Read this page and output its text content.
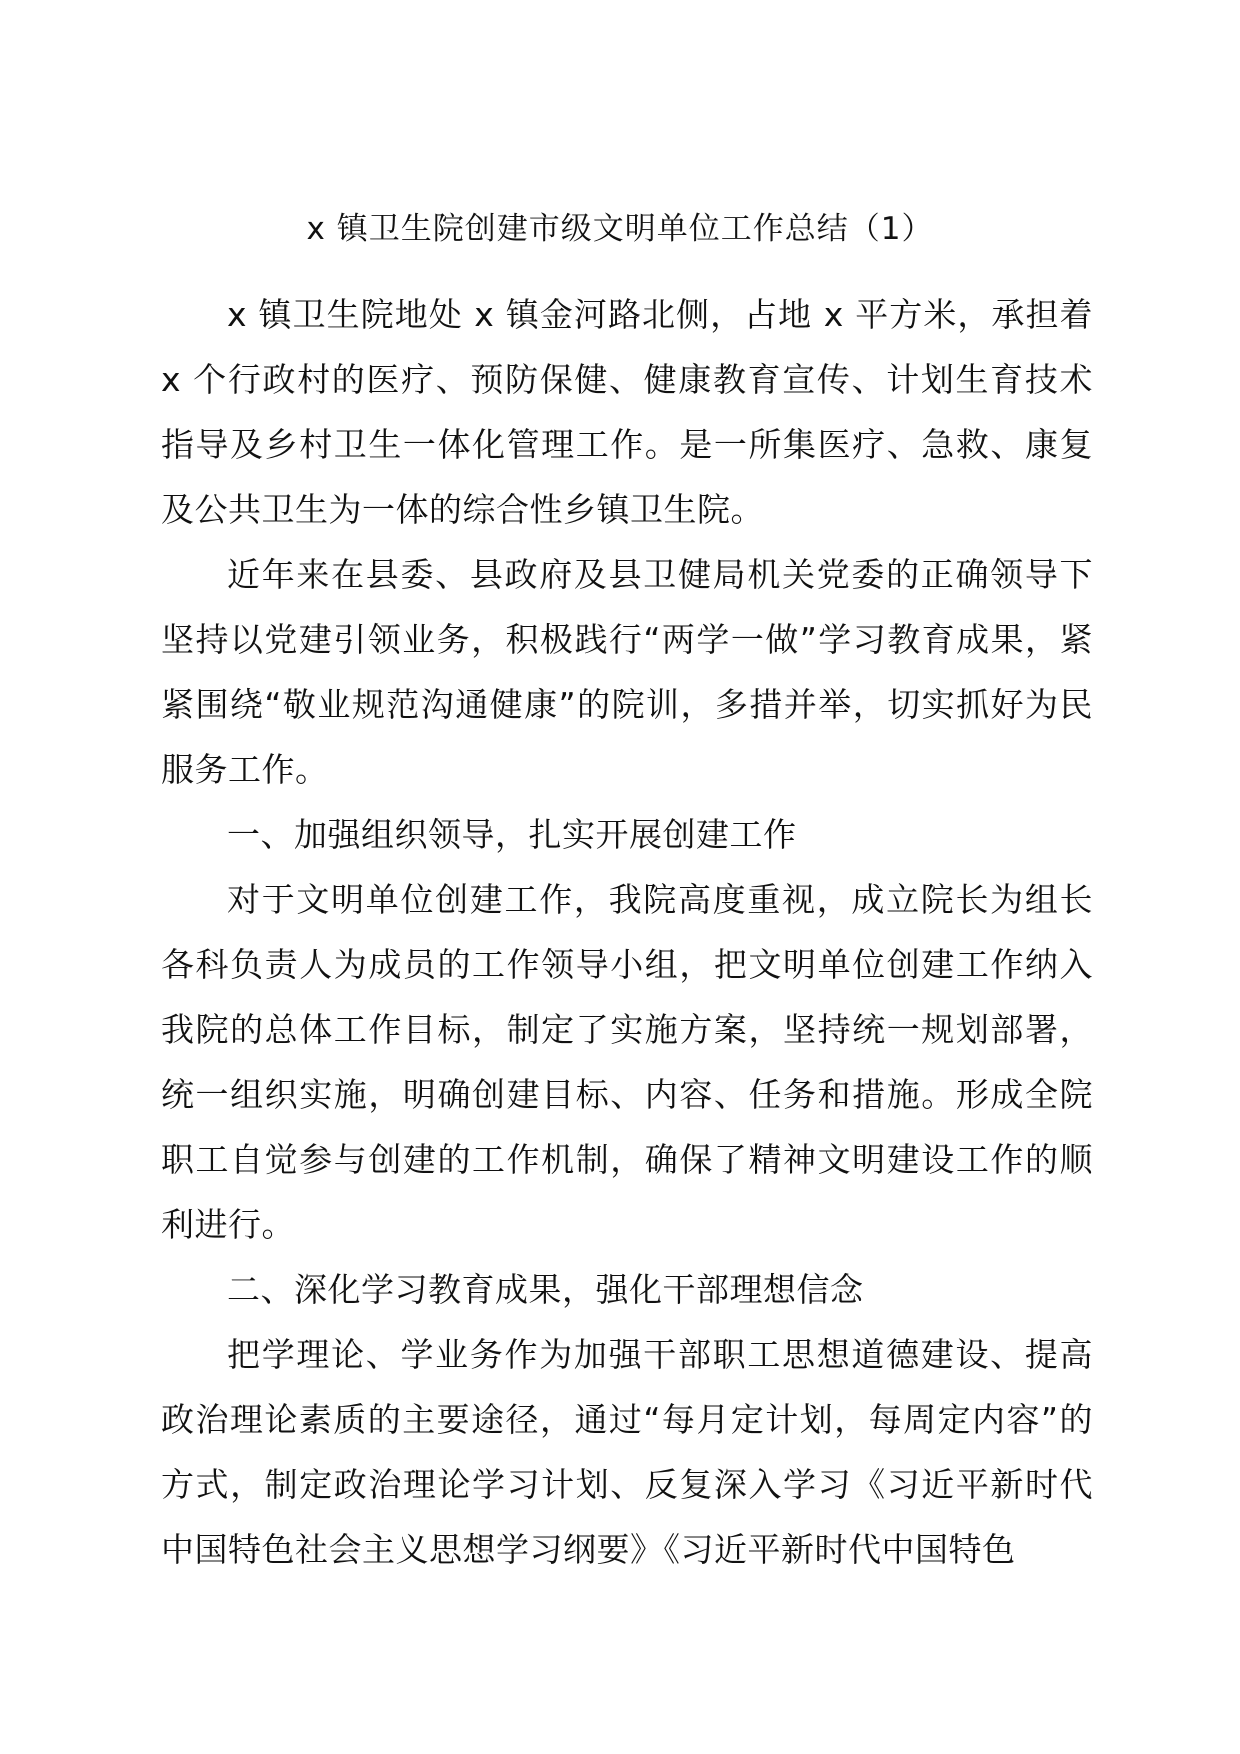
x 镇卫生院创建市级文明单位工作总结（1）

x 镇卫生院地处 x 镇金河路北侧，占地 x 平方米，承担着 x 个行政村的医疗、预防保健、健康教育宣传、计划生育技术指导及乡村卫生一体化管理工作。是一所集医疗、急救、康复及公共卫生为一体的综合性乡镇卫生院。

近年来在县委、县政府及县卫健局机关党委的正确领导下坚持以党建引领业务，积极践行“两学一做”学习教育成果，紧紧围绕“敬业规范沟通健康”的院训，多措并举，切实抓好为民服务工作。

一、加强组织领导，扎实开展创建工作

对于文明单位创建工作，我院高度重视，成立院长为组长各科负责人为成员的工作领导小组，把文明单位创建工作纳入我院的总体工作目标，制定了实施方案，坚持统一规划部署，统一组织实施，明确创建目标、内容、任务和措施。形成全院职工自觉参与创建的工作机制，确保了精神文明建设工作的顺利进行。

二、深化学习教育成果，强化干部理想信念

把学理论、学业务作为加强干部职工思想道德建设、提高政治理论素质的主要途径，通过“每月定计划，每周定内容”的方式，制定政治理论学习计划、反复深入学习《习近平新时代中国特色社会主义思想学习纲要》《习近平新时代中国特色
